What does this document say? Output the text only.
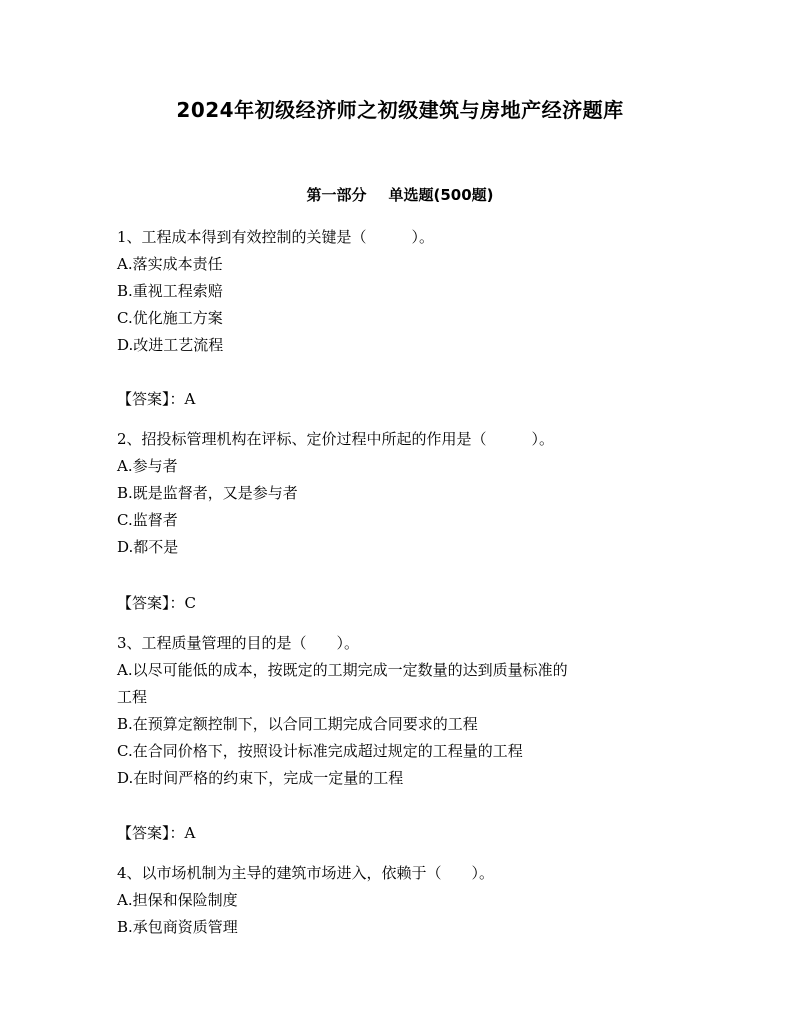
2024年初级经济师之初级建筑与房地产经济题库
第一部分 单选题(500题)
1、工程成本得到有效控制的关键是（　　　）。
A.落实成本责任
B.重视工程索赔
C.优化施工方案
D.改进工艺流程
【答案】：A
2、招投标管理机构在评标、定价过程中所起的作用是（　　　）。
A.参与者
B.既是监督者，又是参与者
C.监督者
D.都不是
【答案】：C
3、工程质量管理的目的是（　　）。
A.以尽可能低的成本，按既定的工期完成一定数量的达到质量标准的
工程
B.在预算定额控制下，以合同工期完成合同要求的工程
C.在合同价格下，按照设计标准完成超过规定的工程量的工程
D.在时间严格的约束下，完成一定量的工程
【答案】：A
4、以市场机制为主导的建筑市场进入，依赖于（　　）。
A.担保和保险制度
B.承包商资质管理
